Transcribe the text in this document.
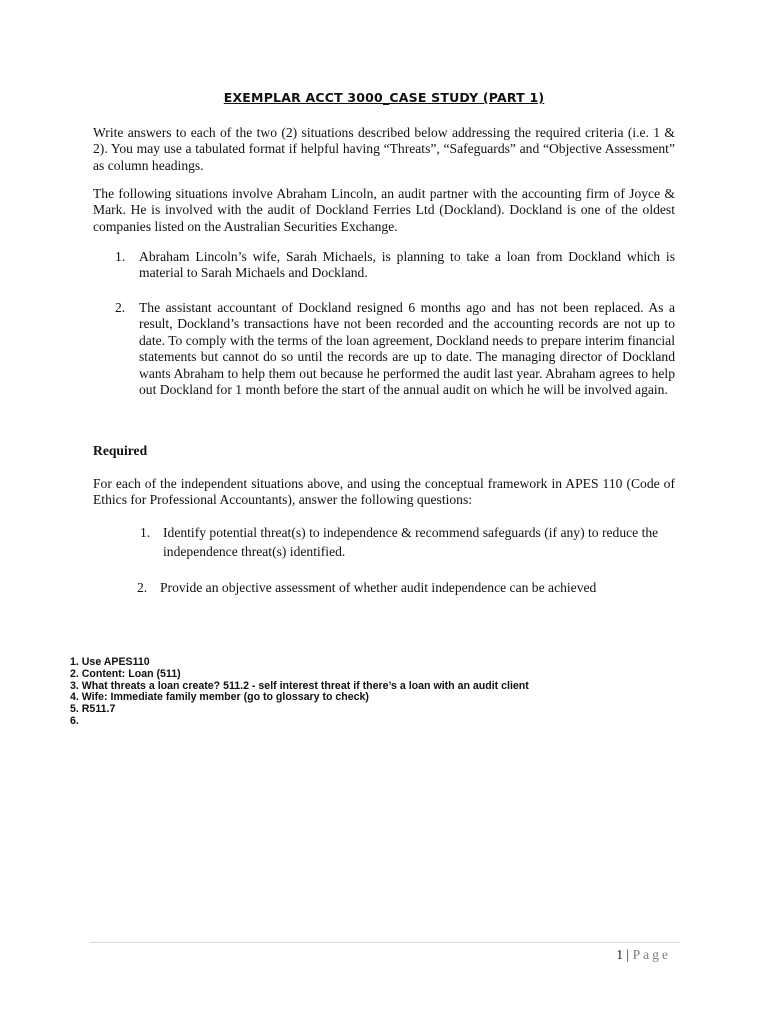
EXEMPLAR ACCT 3000_CASE STUDY (PART 1)

Write answers to each of the two (2) situations described below addressing the required criteria (i.e. 1 & 2). You may use a tabulated format if helpful having “Threats”, “Safeguards” and “Objective Assessment” as column headings.

The following situations involve Abraham Lincoln, an audit partner with the accounting firm of Joyce & Mark. He is involved with the audit of Dockland Ferries Ltd (Dockland). Dockland is one of the oldest companies listed on the Australian Securities Exchange.

1. Abraham Lincoln’s wife, Sarah Michaels, is planning to take a loan from Dockland which is material to Sarah Michaels and Dockland.
2. The assistant accountant of Dockland resigned 6 months ago and has not been replaced. As a result, Dockland’s transactions have not been recorded and the accounting records are not up to date. To comply with the terms of the loan agreement, Dockland needs to prepare interim financial statements but cannot do so until the records are up to date. The managing director of Dockland wants Abraham to help them out because he performed the audit last year. Abraham agrees to help out Dockland for 1 month before the start of the annual audit on which he will be involved again.
Required

For each of the independent situations above, and using the conceptual framework in APES 110 (Code of Ethics for Professional Accountants), answer the following questions:

1. Identify potential threat(s) to independence & recommend safeguards (if any) to reduce the independence threat(s) identified.
2. Provide an objective assessment of whether audit independence can be achieved
1. Use APES110
2. Content: Loan (511)
3. What threats a loan create? 511.2 - self interest threat if there’s a loan with an audit client
4. Wife: Immediate family member (go to glossary to check)
5. R511.7
6.
1 | Page
